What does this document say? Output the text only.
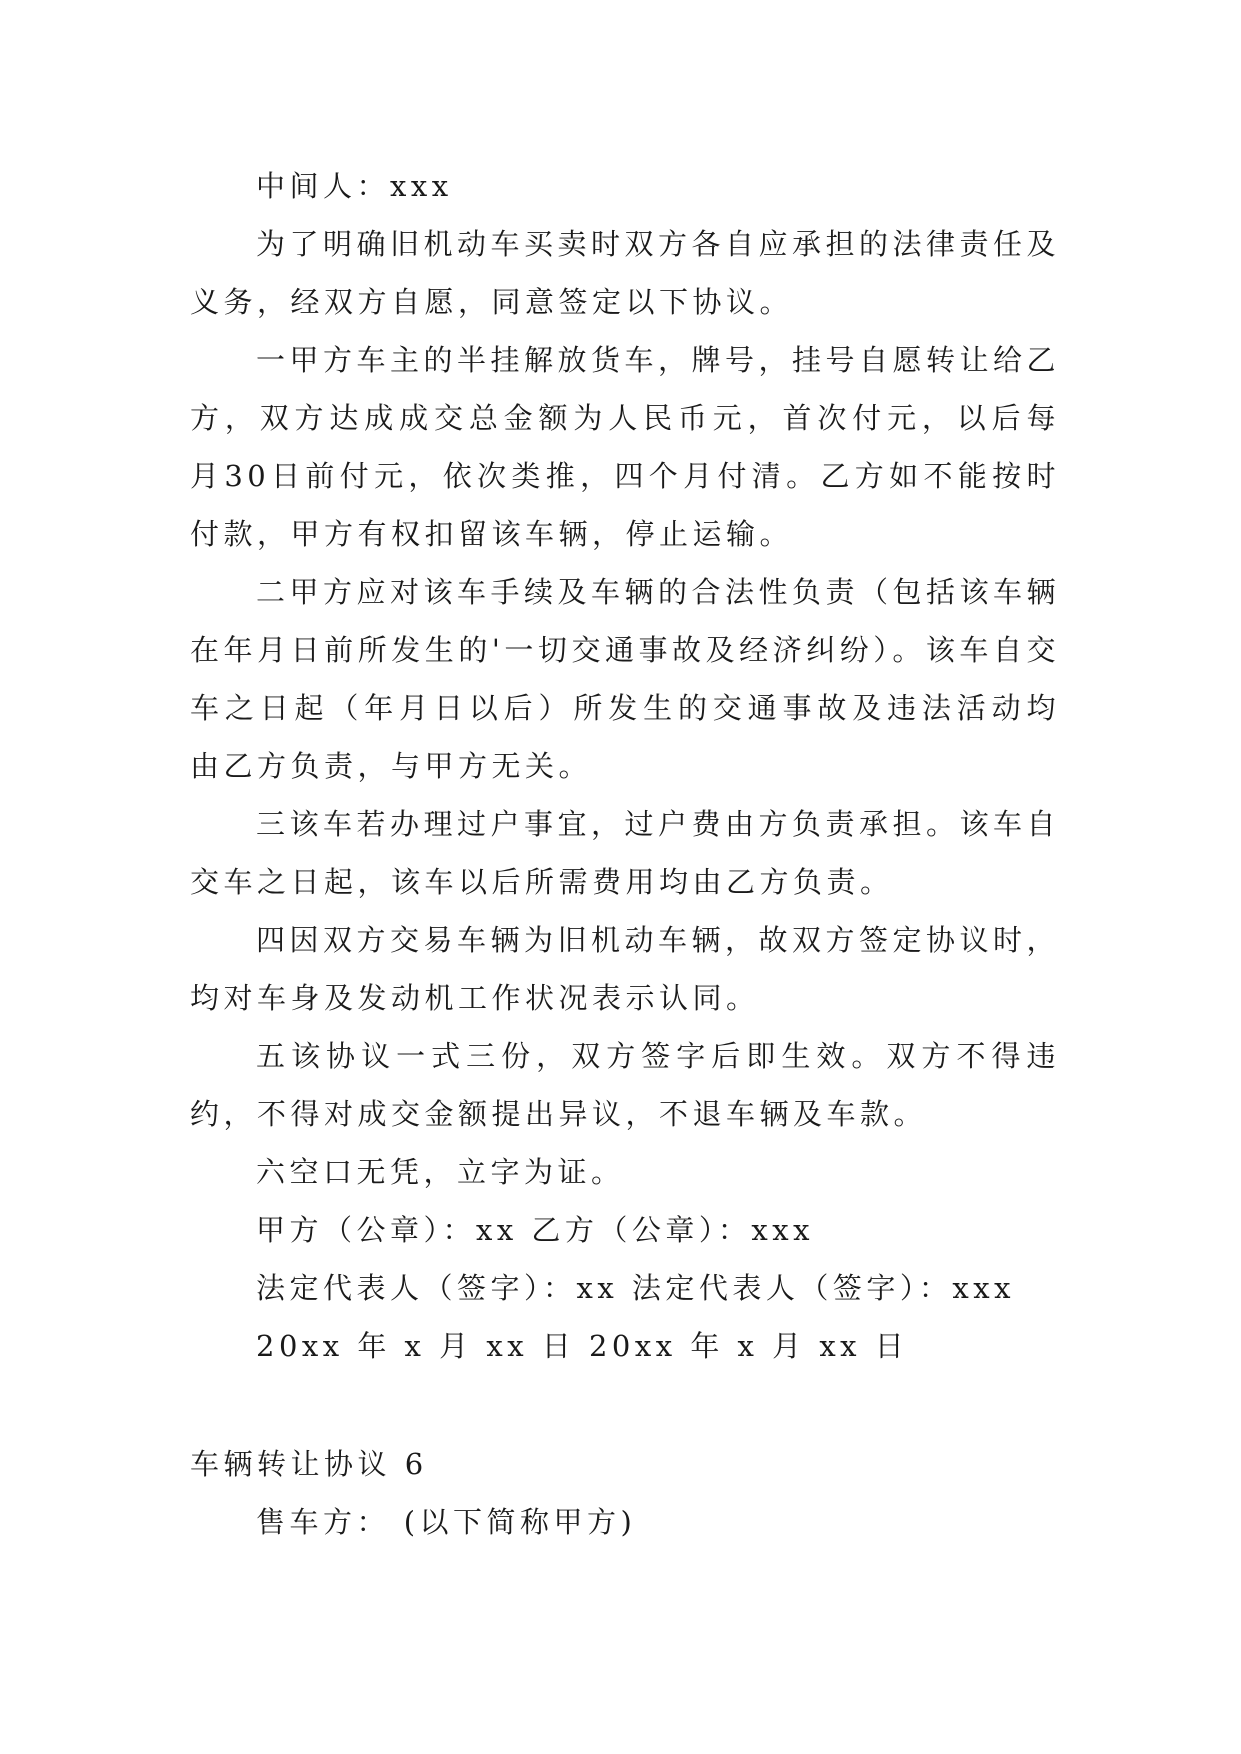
中间人：xxx

为了明确旧机动车买卖时双方各自应承担的法律责任及义务，经双方自愿，同意签定以下协议。

一甲方车主的半挂解放货车，牌号，挂号自愿转让给乙方，双方达成成交总金额为人民币元，首次付元，以后每月30日前付元，依次类推，四个月付清。乙方如不能按时付款，甲方有权扣留该车辆，停止运输。

二甲方应对该车手续及车辆的合法性负责（包括该车辆在年月日前所发生的'一切交通事故及经济纠纷）。该车自交车之日起（年月日以后）所发生的交通事故及违法活动均由乙方负责，与甲方无关。

三该车若办理过户事宜，过户费由方负责承担。该车自交车之日起，该车以后所需费用均由乙方负责。

四因双方交易车辆为旧机动车辆，故双方签定协议时，均对车身及发动机工作状况表示认同。

五该协议一式三份，双方签字后即生效。双方不得违约，不得对成交金额提出异议，不退车辆及车款。

六空口无凭，立字为证。

甲方（公章）：xx 乙方（公章）：xxx

法定代表人（签字）：xx 法定代表人（签字）：xxx

20xx 年 x 月 xx 日 20xx 年 x 月 xx 日

车辆转让协议 6

售车方： (以下简称甲方)
